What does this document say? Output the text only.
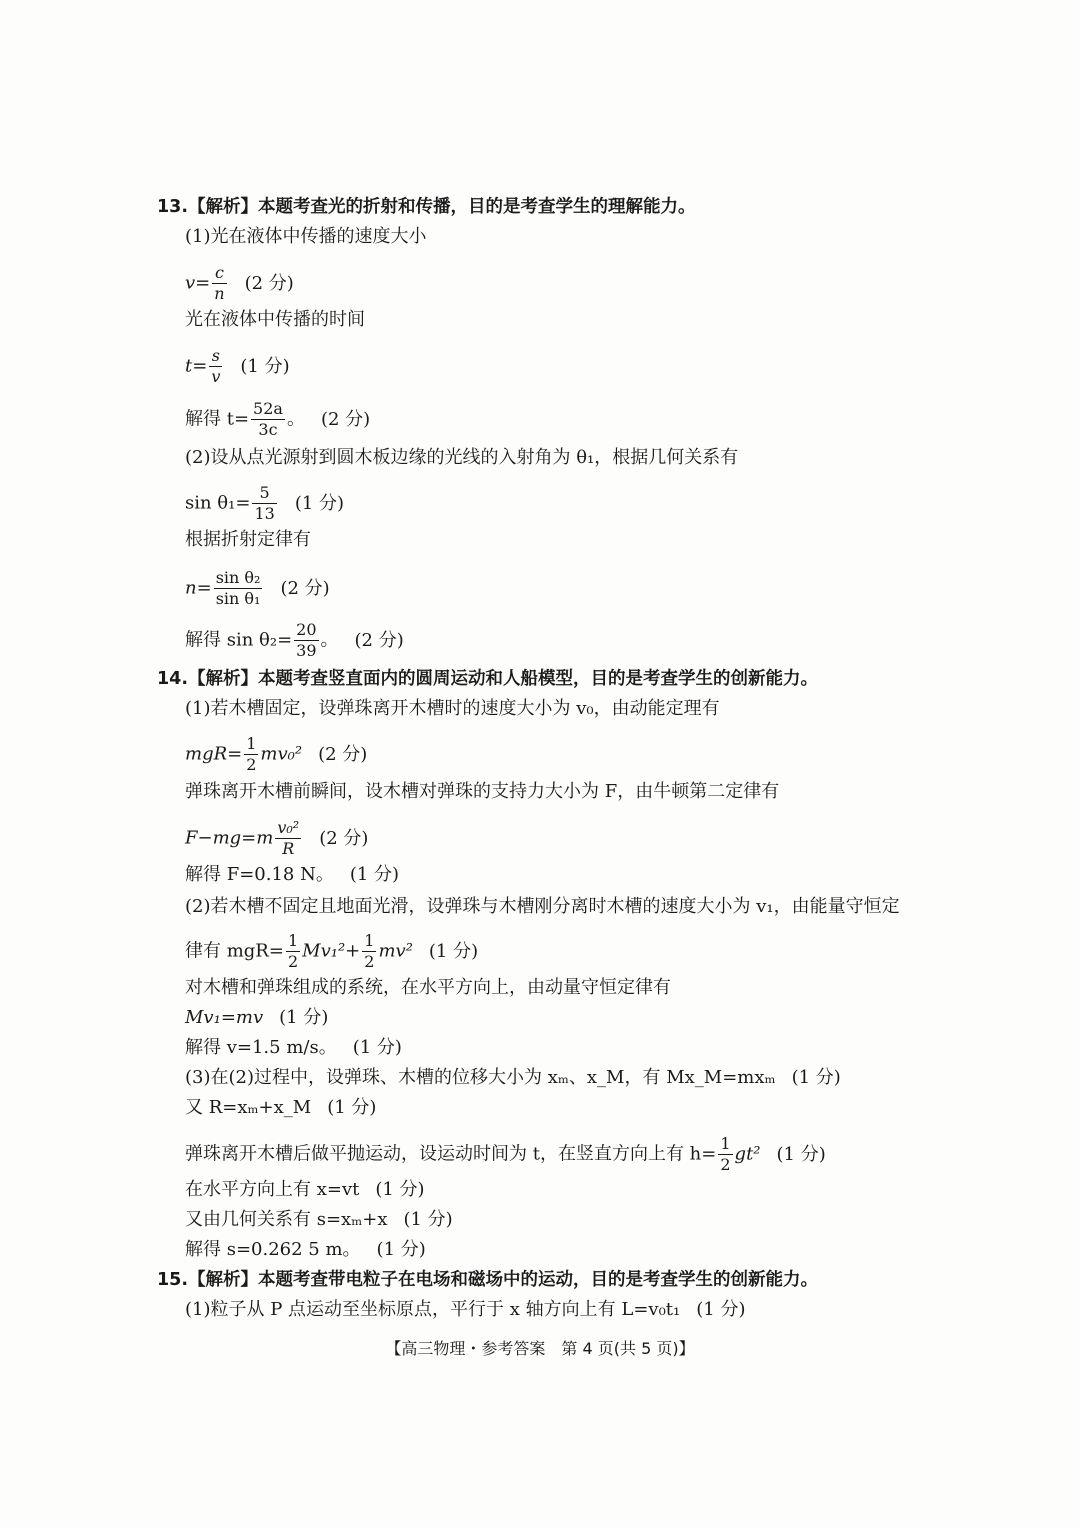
13.【解析】本题考查光的折射和传播，目的是考查学生的理解能力。
(1)光在液体中传播的速度大小
$v= \frac{c}{n} (2$ 分)
光在液体中传播的时间
$t= \frac{s}{v} (1$ 分)
解得 $t= \frac{52a}{3c}$ 。 (2 分)
(2)设从点光源射到圆木板边缘的光线的入射角为 θ₁，根据几何关系有
$\sin \theta_1= \frac{5}{13} (1$ 分)
根据折射定律有
$n= \frac{\text{sin θ₂}}{\text{sin θ₁}} (2$ 分)
解得 $\sin \theta_2= \frac{20}{39}$ 。 (2 分)
14.【解析】本题考查竖直面内的圆周运动和人船模型，目的是考查学生的创新能力。
(1)若木槽固定，设弹珠离开木槽时的速度大小为 v₀，由动能定理有
$mgR= \frac{1}{2} mv_0^2$ (2 分)
弹珠离开木槽前瞬间，设木槽对弹珠的支持力大小为 F，由牛顿第二定律有
$F-mg=m \frac{\text{v₀²}}{R} (2$ 分)
解得 F=0.18 N。 (1 分)
(2)若木槽不固定且地面光滑，设弹珠与木槽刚分离时木槽的速度大小为 v₁，由能量守恒定
律有 $mgR= \frac{1}{2} Mv_1^2+ \frac{1}{2} mv^2$ (1 分)
对木槽和弹珠组成的系统，在水平方向上，由动量守恒定律有
Mv₁=mv (1 分)
解得 v=1.5 m/s。 (1 分)
(3)在(2)过程中，设弹珠、木槽的位移大小为 xₘ、x_M，有 Mx_M=mxₘ (1 分)
又 R=xₘ+x_M (1 分)
弹珠离开木槽后做平抛运动，设运动时间为 t，在竖直方向上有 $h= \frac{1}{2} gt^2$ (1 分)
在水平方向上有 x=vt (1 分)
又由几何关系有 s=xₘ+x (1 分)
解得 s=0.262 5 m。 (1 分)
15.【解析】本题考查带电粒子在电场和磁场中的运动，目的是考查学生的创新能力。
(1)粒子从 P 点运动至坐标原点，平行于 x 轴方向上有 L=v₀t₁ (1 分)
【高三物理・参考答案　第 4 页(共 5 页)】
